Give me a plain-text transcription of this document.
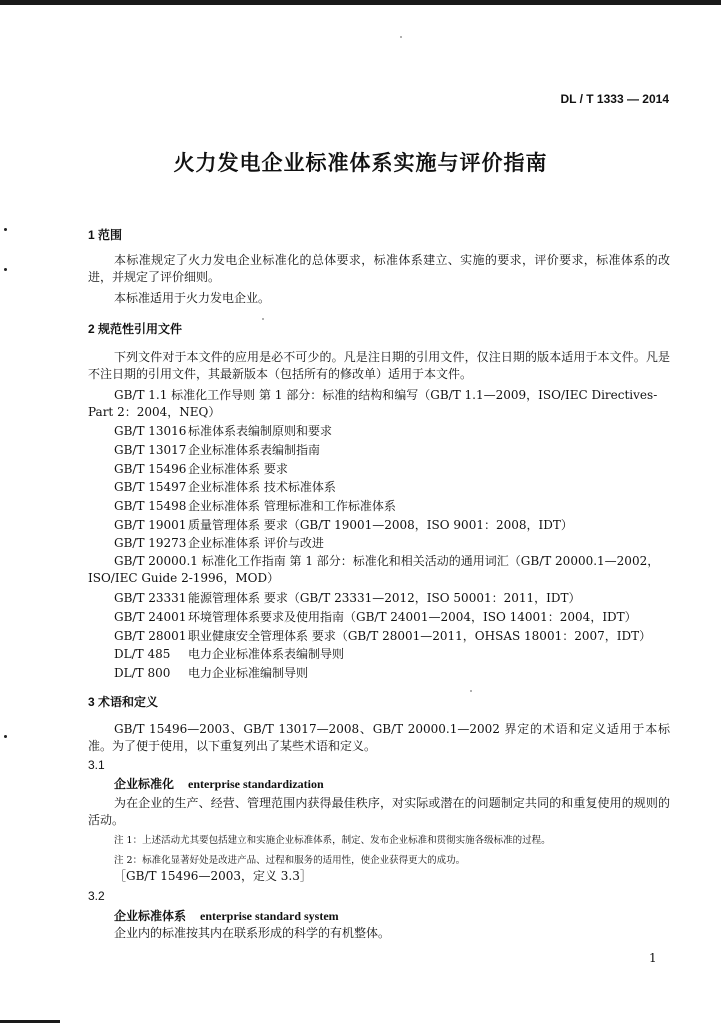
DL / T 1333 — 2014
火力发电企业标准体系实施与评价指南
1 范围
本标准规定了火力发电企业标准化的总体要求，标准体系建立、实施的要求，评价要求，标准体系的改进，并规定了评价细则。
本标准适用于火力发电企业。
2 规范性引用文件
下列文件对于本文件的应用是必不可少的。凡是注日期的引用文件，仅注日期的版本适用于本文件。凡是不注日期的引用文件，其最新版本（包括所有的修改单）适用于本文件。
GB/T 1.1 标准化工作导则 第 1 部分：标准的结构和编写（GB/T 1.1—2009，ISO/IEC Directives-Part 2：2004，NEQ）
GB/T 13016　 标准体系表编制原则和要求
GB/T 13017　 企业标准体系表编制指南
GB/T 15496　 企业标准体系 要求
GB/T 15497　 企业标准体系 技术标准体系
GB/T 15498　 企业标准体系 管理标准和工作标准体系
GB/T 19001　 质量管理体系 要求（GB/T 19001—2008，ISO 9001：2008，IDT）
GB/T 19273　 企业标准体系 评价与改进
GB/T 20000.1 标准化工作指南 第 1 部分：标准化和相关活动的通用词汇（GB/T 20000.1—2002，ISO/IEC Guide 2-1996，MOD）
GB/T 23331　 能源管理体系 要求（GB/T 23331—2012，ISO 50001：2011，IDT）
GB/T 24001　 环境管理体系要求及使用指南（GB/T 24001—2004，ISO 14001：2004，IDT）
GB/T 28001　 职业健康安全管理体系 要求（GB/T 28001—2011，OHSAS 18001：2007，IDT）
DL/T 485　 电力企业标准体系表编制导则
DL/T 800　 电力企业标准编制导则
3 术语和定义
GB/T 15496—2003、GB/T 13017—2008、GB/T 20000.1—2002 界定的术语和定义适用于本标准。为了便于使用，以下重复列出了某些术语和定义。
3.1
企业标准化 enterprise standardization
为在企业的生产、经营、管理范围内获得最佳秩序，对实际或潜在的问题制定共同的和重复使用的规则的活动。
注 1：上述活动尤其要包括建立和实施企业标准体系，制定、发布企业标准和贯彻实施各级标准的过程。
注 2：标准化显著好处是改进产品、过程和服务的适用性，使企业获得更大的成功。
［GB/T 15496—2003，定义 3.3］
3.2
企业标准体系 enterprise standard system
企业内的标准按其内在联系形成的科学的有机整体。
1
